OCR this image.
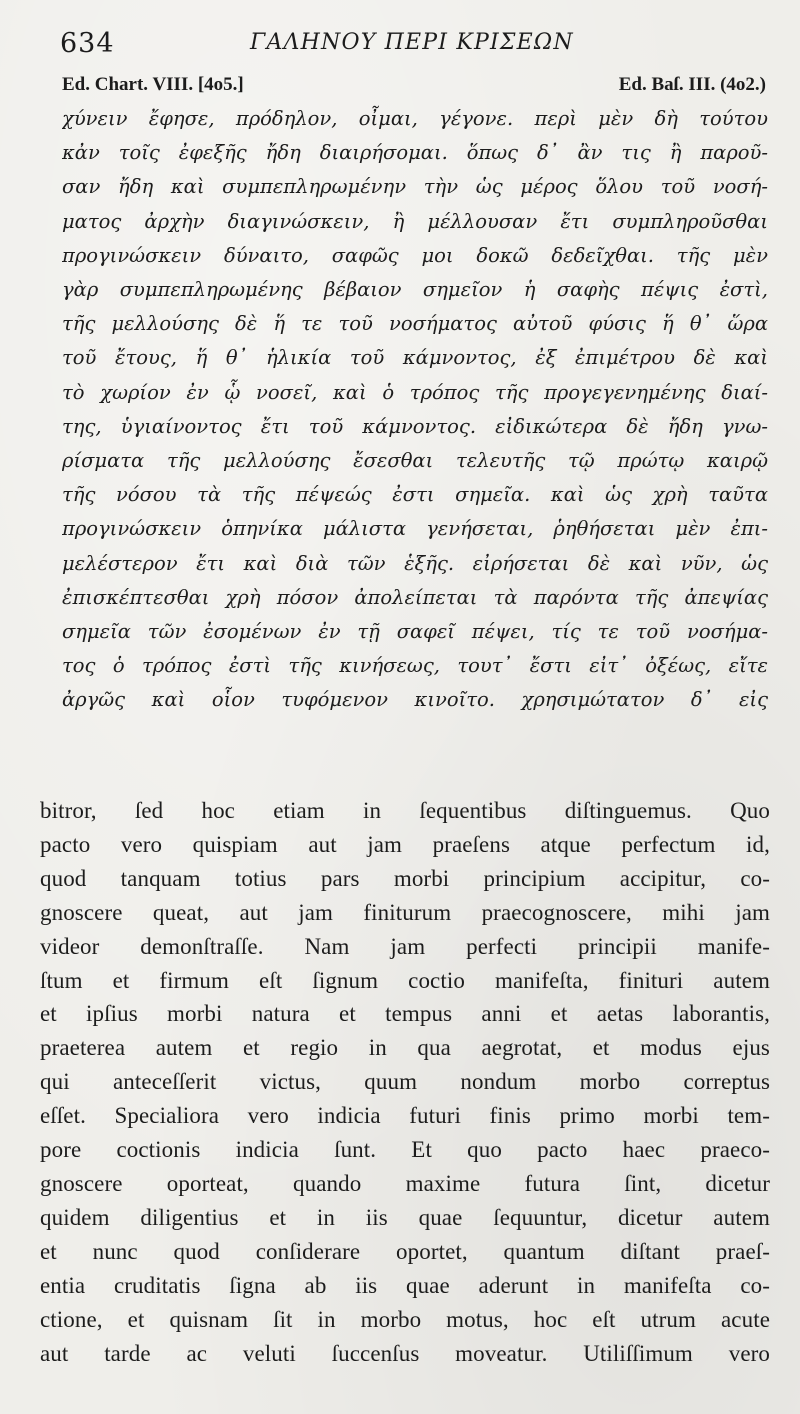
634	ΓΑΛΗΝΟΥ ΠΕΡΙ ΚΡΙΣΕΩΝ
Ed. Chart. VIII. [4o5.]	Ed. Baſ. III. (4o2.)
χύνειν ἔφησε, πρόδηλον, οἶμαι, γέγονε. περὶ μὲν δὴ τούτου
κἀν τοῖς ἐφεξῆς ἤδη διαιρήσομαι. ὅπως δ᾽ ἂν τις ἢ παροῦ-
σαν ἤδη καὶ συμπεπληρωμένην τὴν ὡς μέρος ὅλου τοῦ νοσή-
ματος ἀρχὴν διαγινώσκειν, ἢ μέλλουσαν ἔτι συμπληροῦσθαι
προγινώσκειν δύναιτο, σαφῶς μοι δοκῶ δεδεῖχθαι. τῆς μὲν
γὰρ συμπεπληρωμένης βέβαιον σημεῖον ἡ σαφὴς πέψις ἐστὶ,
τῆς μελλούσης δὲ ἥ τε τοῦ νοσήματος αὐτοῦ φύσις ἥ θ᾽ ὥρα
τοῦ ἔτους, ἥ θ᾽ ἡλικία τοῦ κάμνοντος, ἐξ ἐπιμέτρου δὲ καὶ
τὸ χωρίον ἐν ᾧ νοσεῖ, καὶ ὁ τρόπος τῆς προγεγενημένης διαί-
της, ὑγιαίνοντος ἔτι τοῦ κάμνοντος. εἰδικώτερα δὲ ἤδη γνω-
ρίσματα τῆς μελλούσης ἔσεσθαι τελευτῆς τῷ πρώτῳ καιρῷ
τῆς νόσου τὰ τῆς πέψεώς ἐστι σημεῖα. καὶ ὡς χρὴ ταῦτα
προγινώσκειν ὁπηνίκα μάλιστα γενήσεται, ῥηθήσεται μὲν ἐπι-
μελέστερον ἔτι καὶ διὰ τῶν ἑξῆς. εἰρήσεται δὲ καὶ νῦν, ὡς
ἐπισκέπτεσθαι χρὴ πόσον ἀπολείπεται τὰ παρόντα τῆς ἀπεψίας
σημεῖα τῶν ἐσομένων ἐν τῇ σαφεῖ πέψει, τίς τε τοῦ νοσήμα-
τος ὁ τρόπος ἐστὶ τῆς κινήσεως, τουτ᾽ ἔστι εἰτ᾽ ὀξέως, εἴτε
ἀργῶς καὶ οἷον τυφόμενον κινοῖτο. χρησιμώτατον δ᾽ εἰς
bitror, ſed hoc etiam in ſequentibus diſtinguemus. Quo
pacto vero quispiam aut jam praeſens atque perfectum id,
quod tanquam totius pars morbi principium accipitur, co-
gnoscere queat, aut jam finiturum praecognoscere, mihi jam
videor demonſtraſſe. Nam jam perfecti principii manife-
ſtum et firmum eſt ſignum coctio manifeſta, finituri autem
et ipſius morbi natura et tempus anni et aetas laborantis,
praeterea autem et regio in qua aegrotat, et modus ejus
qui anteceſſerit victus, quum nondum morbo correptus
eſſet. Specialiora vero indicia futuri finis primo morbi tem-
pore coctionis indicia ſunt. Et quo pacto haec praeco-
gnoscere oporteat, quando maxime futura ſint, dicetur
quidem diligentius et in iis quae ſequuntur, dicetur autem
et nunc quod conſiderare oportet, quantum diſtant praeſ-
entia cruditatis ſigna ab iis quae aderunt in manifeſta co-
ctione, et quisnam ſit in morbo motus, hoc eſt utrum acute
aut tarde ac veluti ſuccenſus moveatur. Utiliſſimum vero
